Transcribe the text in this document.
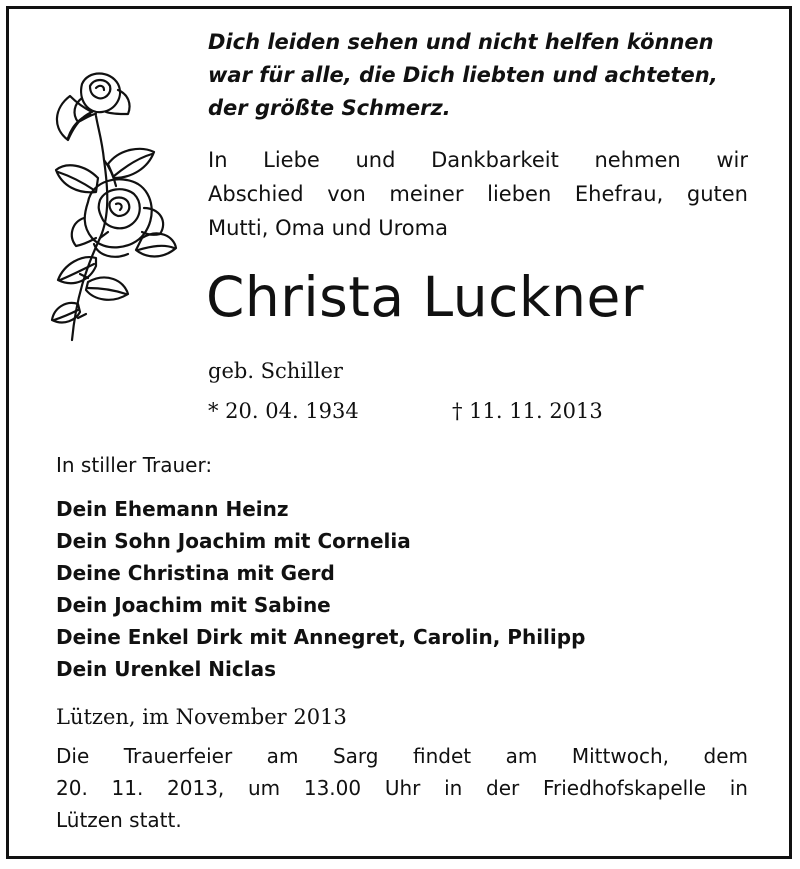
Dich leiden sehen und nicht helfen können
war für alle, die Dich liebten und achteten,
der größte Schmerz.
In Liebe und Dankbarkeit nehmen wir
Abschied von meiner lieben Ehefrau, guten
Mutti, Oma und Uroma
Christa Luckner
geb. Schiller
* 20. 04. 1934	† 11. 11. 2013
In stiller Trauer:
Dein Ehemann Heinz
Dein Sohn Joachim mit Cornelia
Deine Christina mit Gerd
Dein Joachim mit Sabine
Deine Enkel Dirk mit Annegret, Carolin, Philipp
Dein Urenkel Niclas
Lützen, im November 2013
Die Trauerfeier am Sarg findet am Mittwoch, dem
20. 11. 2013, um 13.00 Uhr in der Friedhofskapelle in
Lützen statt.
